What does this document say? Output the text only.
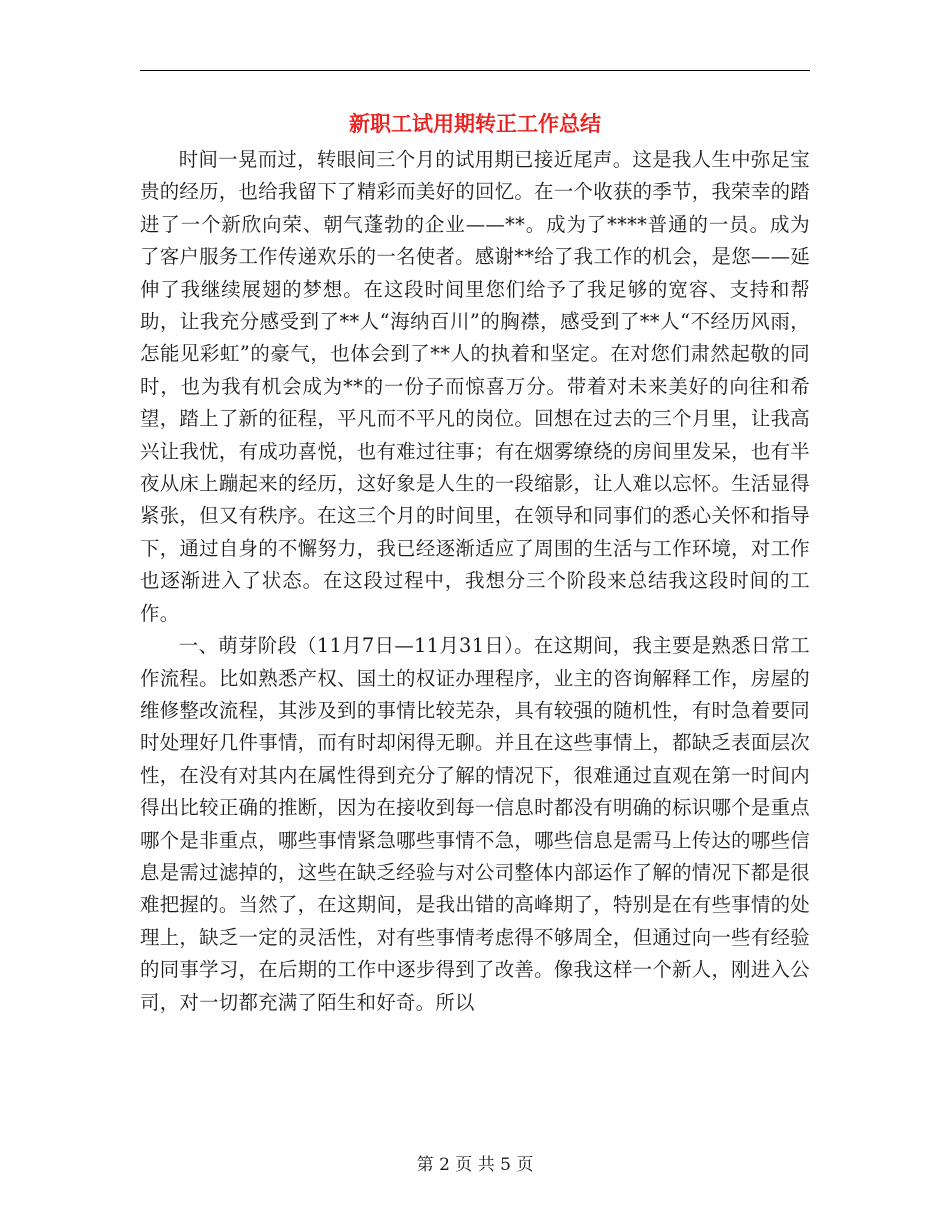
新职工试用期转正工作总结

时间一晃而过，转眼间三个月的试用期已接近尾声。这是我人生中弥足宝贵的经历，也给我留下了精彩而美好的回忆。在一个收获的季节，我荣幸的踏进了一个新欣向荣、朝气蓬勃的企业——**。成为了****普通的一员。成为了客户服务工作传递欢乐的一名使者。感谢**给了我工作的机会，是您——延伸了我继续展翅的梦想。在这段时间里您们给予了我足够的宽容、支持和帮助，让我充分感受到了**人“海纳百川”的胸襟，感受到了**人“不经历风雨，怎能见彩虹”的豪气，也体会到了**人的执着和坚定。在对您们肃然起敬的同时，也为我有机会成为**的一份子而惊喜万分。带着对未来美好的向往和希望，踏上了新的征程，平凡而不平凡的岗位。回想在过去的三个月里，让我高兴让我忧，有成功喜悦，也有难过往事；有在烟雾缭绕的房间里发呆，也有半夜从床上蹦起来的经历，这好象是人生的一段缩影，让人难以忘怀。生活显得紧张，但又有秩序。在这三个月的时间里，在领导和同事们的悉心关怀和指导下，通过自身的不懈努力，我已经逐渐适应了周围的生活与工作环境，对工作也逐渐进入了状态。在这段过程中，我想分三个阶段来总结我这段时间的工作。

一、萌芽阶段（11月7日—11月31日）。在这期间，我主要是熟悉日常工作流程。比如熟悉产权、国土的权证办理程序，业主的咨询解释工作，房屋的维修整改流程，其涉及到的事情比较芜杂，具有较强的随机性，有时急着要同时处理好几件事情，而有时却闲得无聊。并且在这些事情上，都缺乏表面层次性，在没有对其内在属性得到充分了解的情况下，很难通过直观在第一时间内得出比较正确的推断，因为在接收到每一信息时都没有明确的标识哪个是重点哪个是非重点，哪些事情紧急哪些事情不急，哪些信息是需马上传达的哪些信息是需过滤掉的，这些在缺乏经验与对公司整体内部运作了解的情况下都是很难把握的。当然了，在这期间，是我出错的高峰期了，特别是在有些事情的处理上，缺乏一定的灵活性，对有些事情考虑得不够周全，但通过向一些有经验的同事学习，在后期的工作中逐步得到了改善。像我这样一个新人，刚进入公司，对一切都充满了陌生和好奇。所以

第 2 页 共 5 页
